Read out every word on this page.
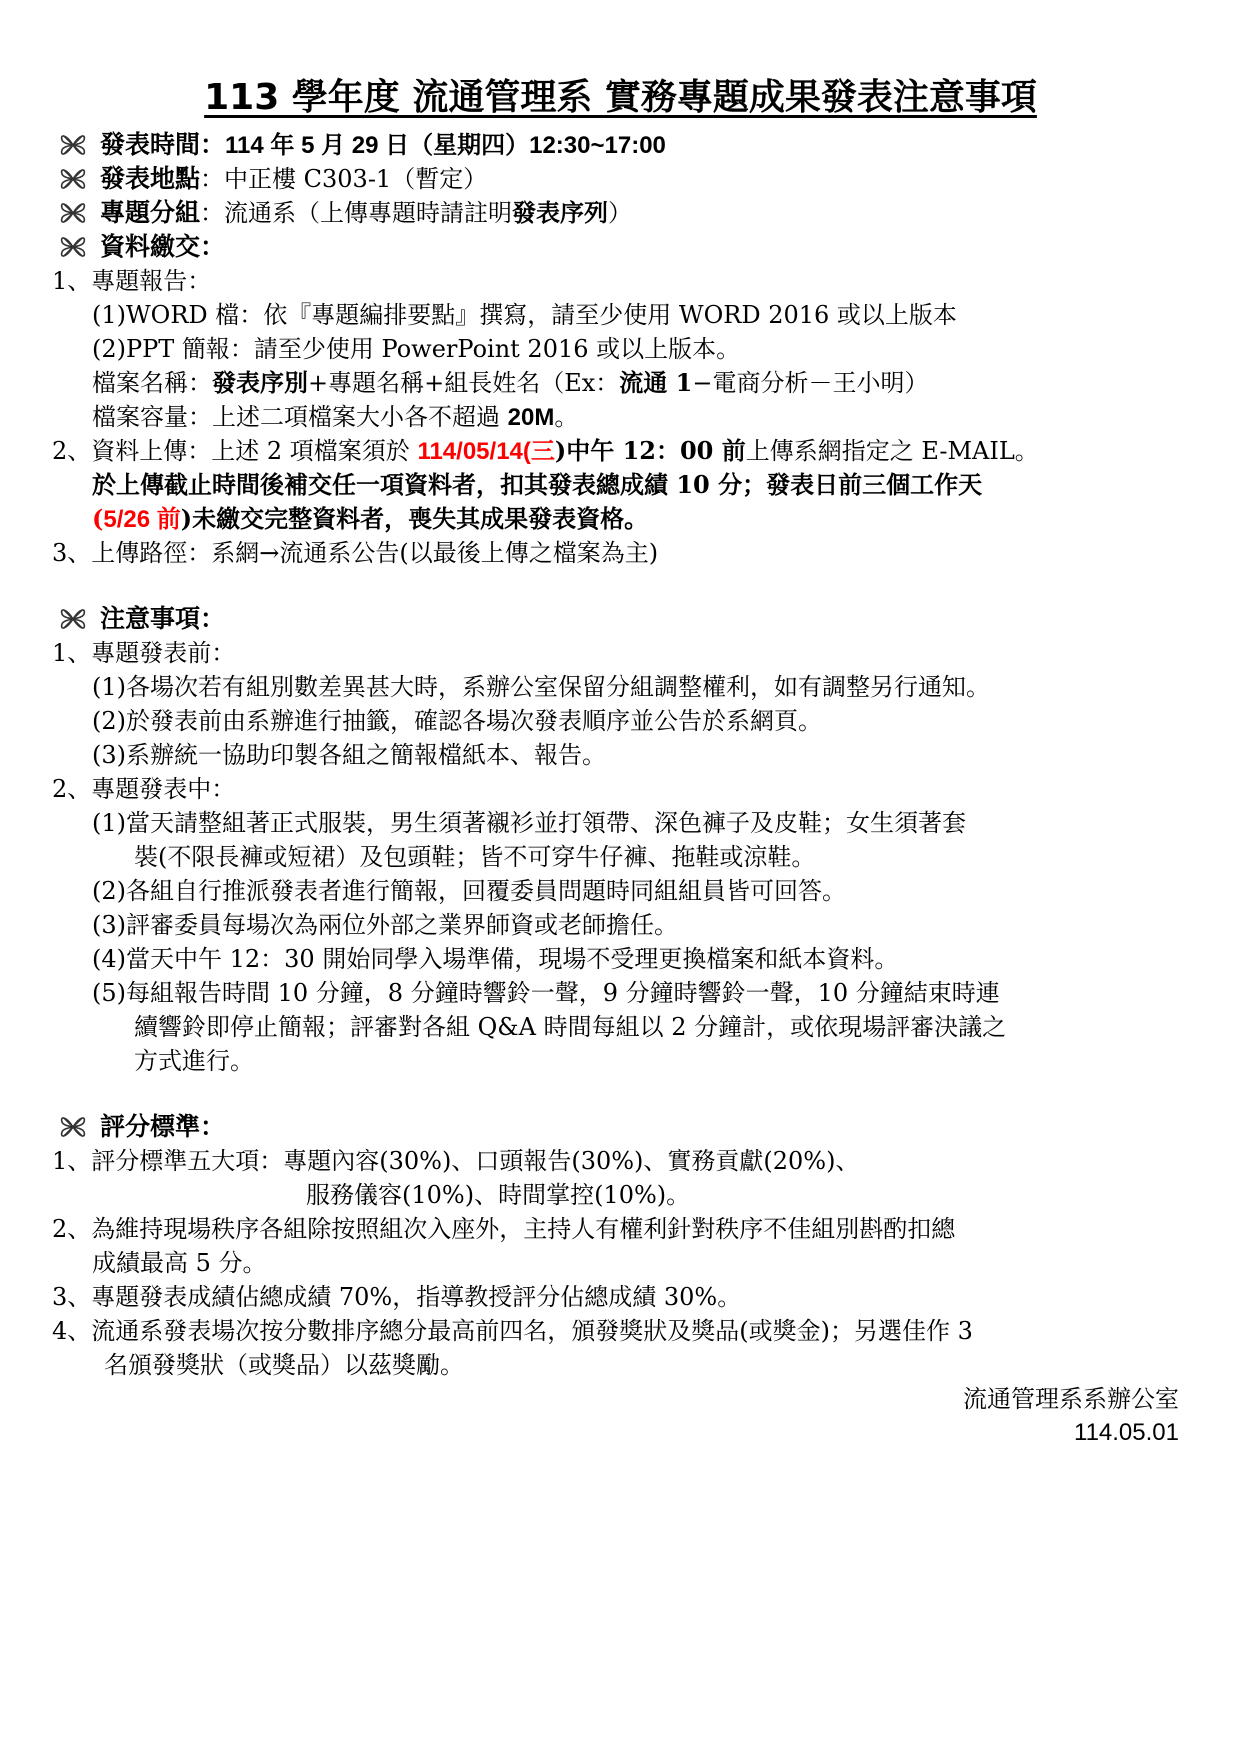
113 學年度 流通管理系 實務專題成果發表注意事項
發表時間：114 年 5 月 29 日（星期四）12:30~17:00
發表地點：中正樓 C303-1（暫定）
專題分組：流通系（上傳專題時請註明發表序列）
資料繳交：
1、專題報告：
(1)WORD 檔：依『專題編排要點』撰寫，請至少使用 WORD 2016 或以上版本
(2)PPT 簡報：請至少使用 PowerPoint 2016 或以上版本。
檔案名稱：發表序別+專題名稱+組長姓名（Ex：流通 1−電商分析－王小明）
檔案容量：上述二項檔案大小各不超過 20M。
2、資料上傳：上述 2 項檔案須於 114/05/14(三)中午 12：00 前上傳系網指定之 E-MAIL。
於上傳截止時間後補交任一項資料者，扣其發表總成績 10 分；發表日前三個工作天
(5/26 前)未繳交完整資料者，喪失其成果發表資格。
3、上傳路徑：系網→流通系公告(以最後上傳之檔案為主)
注意事項：
1、專題發表前：
(1)各場次若有組別數差異甚大時，系辦公室保留分組調整權利，如有調整另行通知。
(2)於發表前由系辦進行抽籤，確認各場次發表順序並公告於系網頁。
(3)系辦統一協助印製各組之簡報檔紙本、報告。
2、專題發表中：
(1)當天請整組著正式服裝，男生須著襯衫並打領帶、深色褲子及皮鞋；女生須著套
裝(不限長褲或短裙）及包頭鞋；皆不可穿牛仔褲、拖鞋或涼鞋。
(2)各組自行推派發表者進行簡報，回覆委員問題時同組組員皆可回答。
(3)評審委員每場次為兩位外部之業界師資或老師擔任。
(4)當天中午 12：30 開始同學入場準備，現場不受理更換檔案和紙本資料。
(5)每組報告時間 10 分鐘，8 分鐘時響鈴一聲，9 分鐘時響鈴一聲，10 分鐘結束時連
續響鈴即停止簡報；評審對各組 Q&A 時間每組以 2 分鐘計，或依現場評審決議之
方式進行。
評分標準：
1、評分標準五大項：專題內容(30%)、口頭報告(30%)、實務貢獻(20%)、
服務儀容(10%)、時間掌控(10%)。
2、為維持現場秩序各組除按照組次入座外，主持人有權利針對秩序不佳組別斟酌扣總
成績最高 5 分。
3、專題發表成績佔總成績 70%，指導教授評分佔總成績 30%。
4、流通系發表場次按分數排序總分最高前四名，頒發獎狀及獎品(或獎金)；另選佳作 3
名頒發獎狀（或獎品）以茲獎勵。
流通管理系系辦公室
114.05.01
